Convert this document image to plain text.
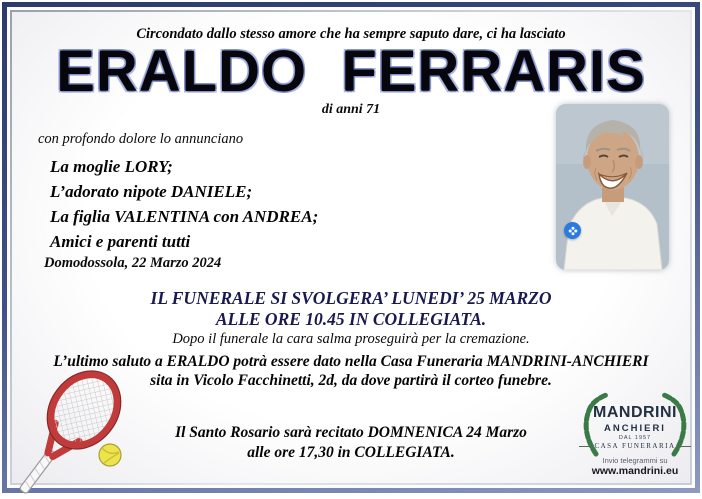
Circondato dallo stesso amore che ha sempre saputo dare, ci ha lasciato
ERALDO  FERRARIS
di anni 71
con profondo dolore lo annunciano
La moglie LORY;
L’adorato nipote DANIELE;
La figlia VALENTINA con ANDREA;
Amici e parenti tutti
Domodossola, 22 Marzo 2024
IL FUNERALE SI SVOLGERA’ LUNEDI’ 25 MARZO
ALLE ORE 10.45 IN COLLEGIATA.
Dopo il funerale la cara salma proseguirà per la cremazione.
L’ultimo saluto a ERALDO potrà essere dato nella Casa Funeraria MANDRINI-ANCHIERI
sita in Vicolo Facchinetti, 2d, da dove partirà il corteo funebre.
Il Santo Rosario sarà recitato DOMNENICA 24 Marzo
alle ore 17,30 in COLLEGIATA.
MANDRINI
ANCHIERI
DAL 1957
CASA FUNERARIA
Invio telegrammi su
www.mandrini.eu
